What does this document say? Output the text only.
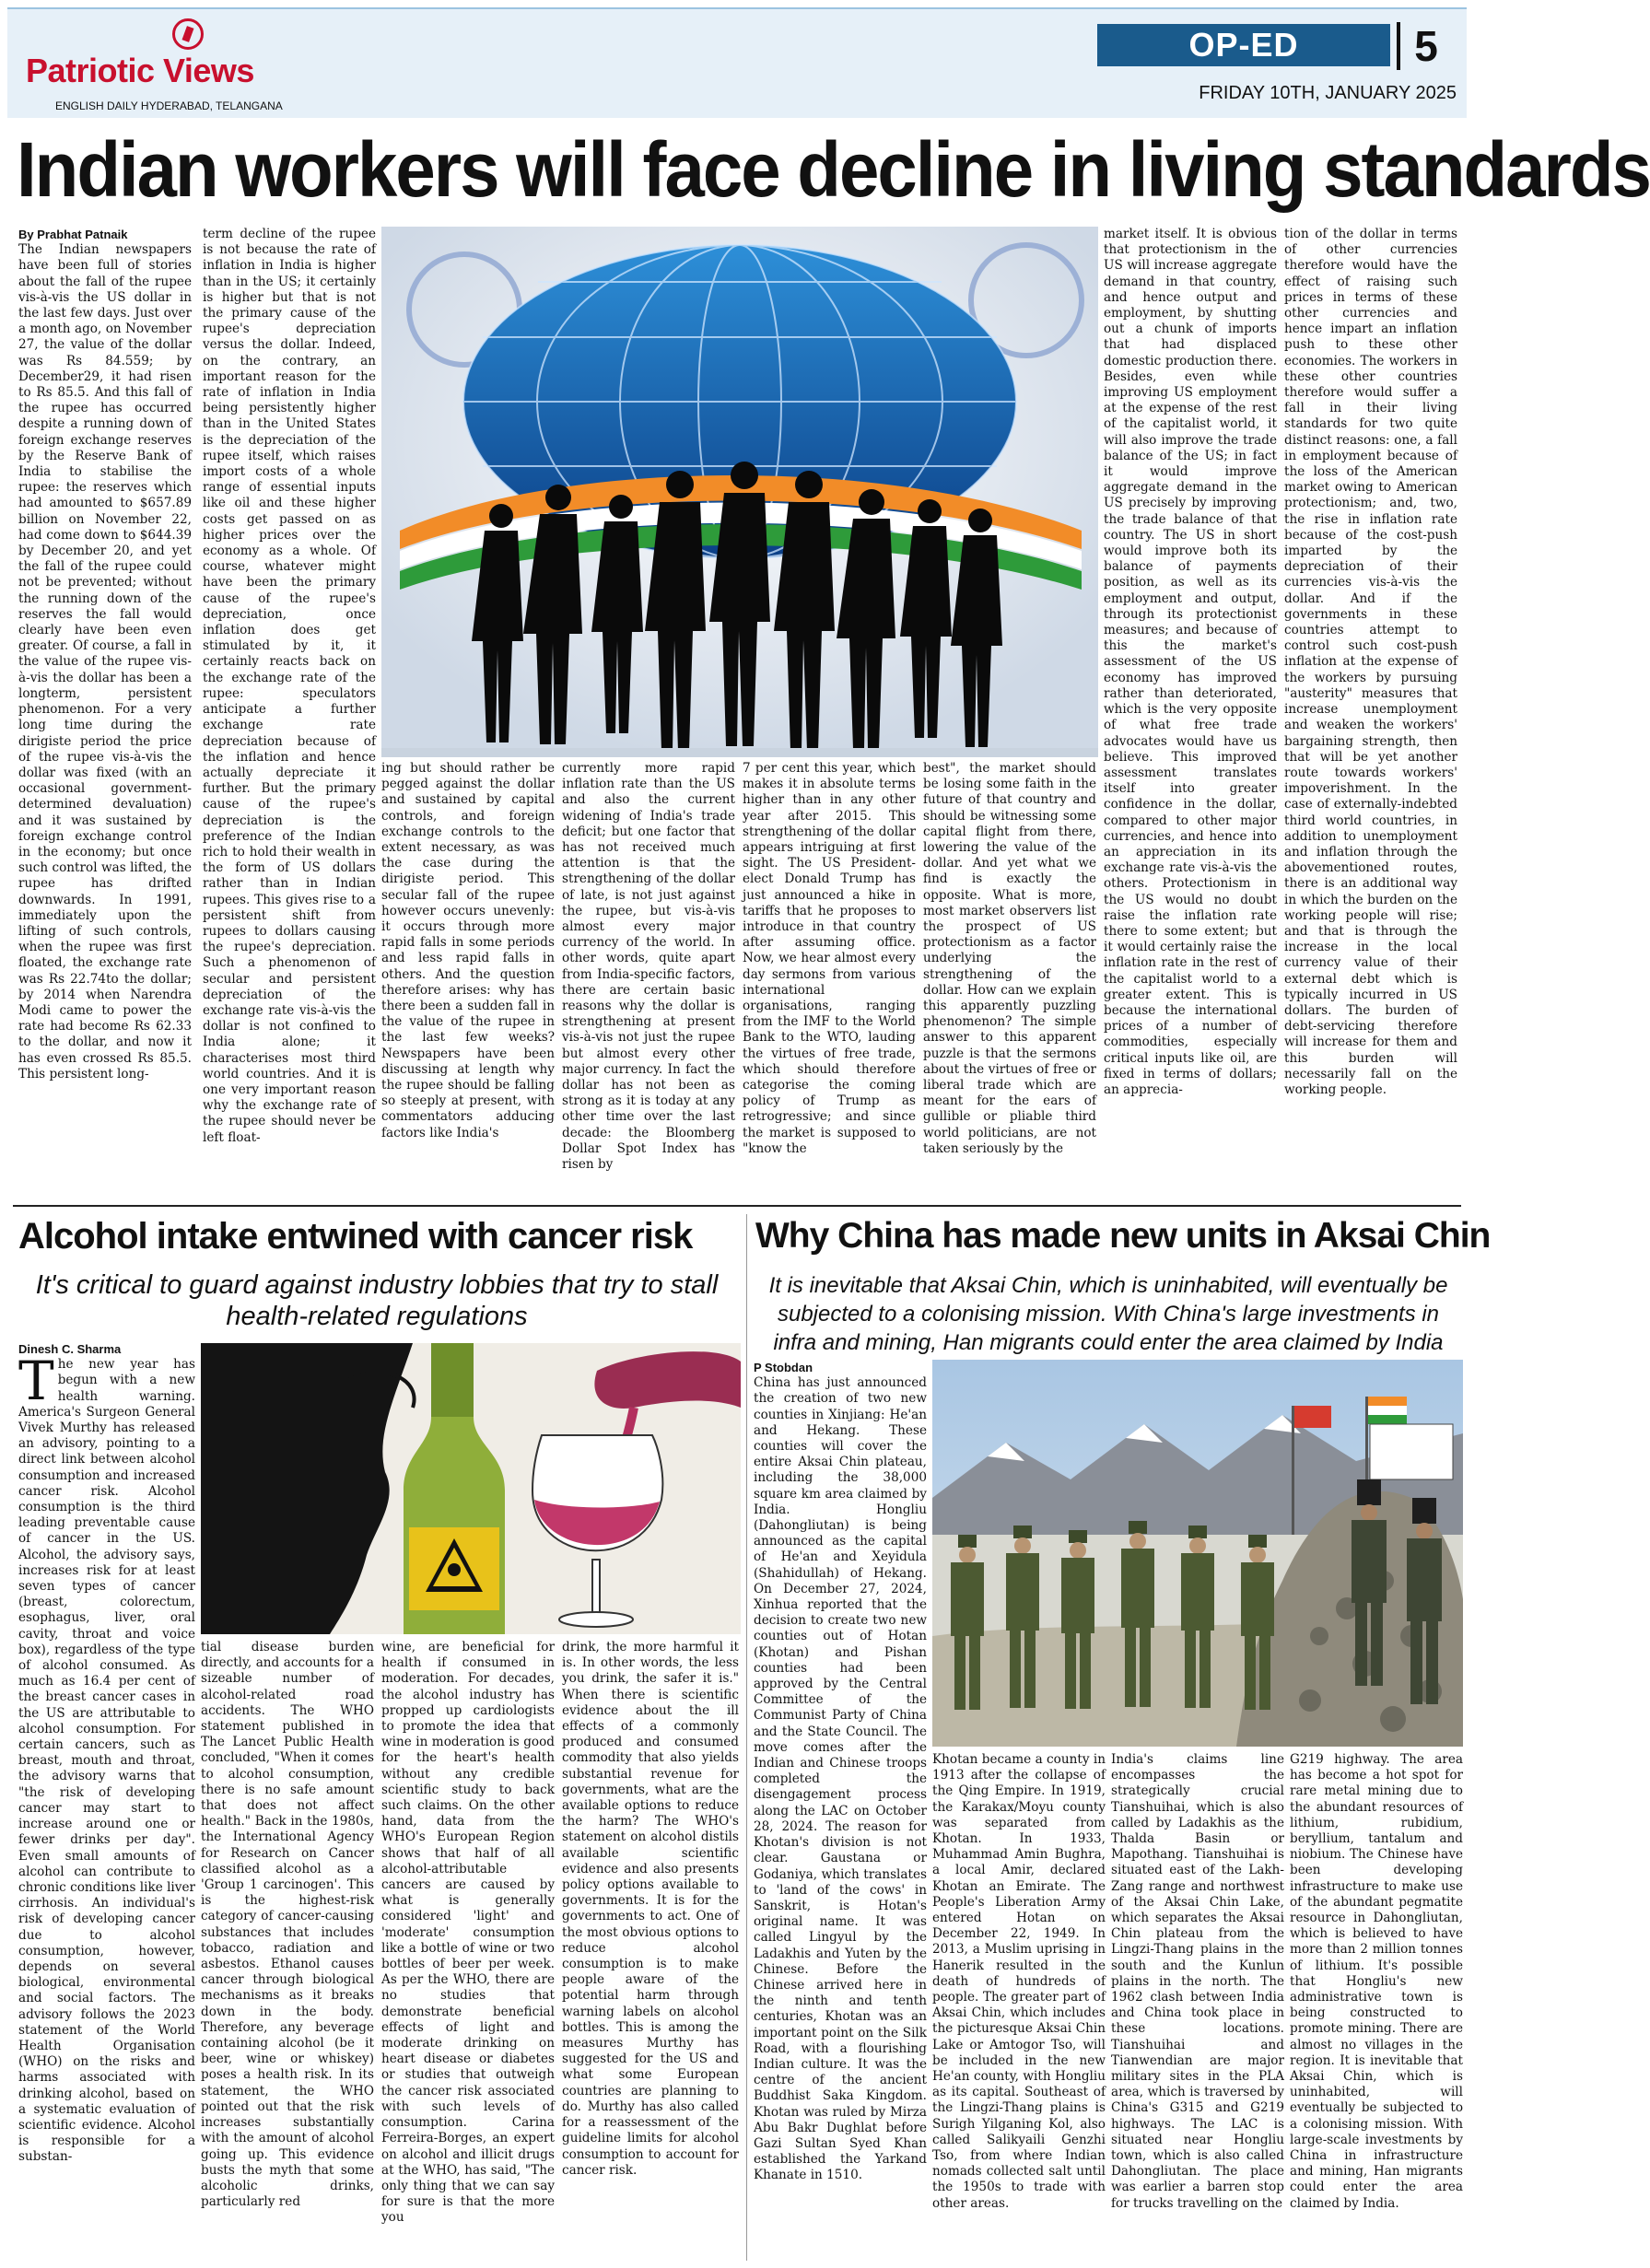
Patriotic Views
ENGLISH DAILY HYDERABAD, TELANGANA
OP-ED	5
FRIDAY 10TH, JANUARY 2025
Indian workers will face decline in living standards
By Prabhat Patnaik

The Indian newspapers have been full of stories about the fall of the rupee vis-à-vis the US dollar in the last few days. Just over a month ago, on November 27, the value of the dollar was Rs 84.559; by December29, it had risen to Rs 85.5. And this fall of the rupee has occurred despite a running down of foreign exchange reserves by the Reserve Bank of India to stabilise the rupee: the reserves which had amounted to $657.89 billion on November 22, had come down to $644.39 by December 20, and yet the fall of the rupee could not be prevented; without the running down of the reserves the fall would clearly have been even greater. Of course, a fall in the value of the rupee vis-à-vis the dollar has been a longterm, persistent phenomenon. For a very long time during the dirigiste period the price of the rupee vis-à-vis the dollar was fixed (with an occasional government-determined devaluation) and it was sustained by foreign exchange control in the economy; but once such control was lifted, the rupee has drifted downwards. In 1991, immediately upon the lifting of such controls, when the rupee was first floated, the exchange rate was Rs 22.74to the dollar; by 2014 when Narendra Modi came to power the rate had become Rs 62.33 to the dollar, and now it has even crossed Rs 85.5. This persistent long-

term decline of the rupee is not because the rate of inflation in India is higher than in the US; it certainly is higher but that is not the primary cause of the rupee's depreciation versus the dollar. Indeed, on the contrary, an important reason for the rate of inflation in India being persistently higher than in the United States is the depreciation of the rupee itself, which raises import costs of a whole range of essential inputs like oil and these higher costs get passed on as higher prices over the economy as a whole. Of course, whatever might have been the primary cause of the rupee's depreciation, once inflation does get stimulated by it, it certainly reacts back on the exchange rate of the rupee: speculators anticipate a further exchange rate depreciation because of the inflation and hence actually depreciate it further. But the primary cause of the rupee's depreciation is the preference of the Indian rich to hold their wealth in the form of US dollars rather than in Indian rupees. This gives rise to a persistent shift from rupees to dollars causing the rupee's depreciation. Such a phenomenon of secular and persistent depreciation of the exchange rate vis-à-vis the dollar is not confined to India alone; it characterises most third world countries. And it is one very important reason why the exchange rate of the rupee should never be left float-

ing but should rather be pegged against the dollar and sustained by capital controls, and foreign exchange controls to the extent necessary, as was the case during the dirigiste period. This secular fall of the rupee however occurs unevenly: it occurs through more rapid falls in some periods and less rapid falls in others. And the question therefore arises: why has there been a sudden fall in the value of the rupee in the last few weeks? Newspapers have been discussing at length why the rupee should be falling so steeply at present, with commentators adducing factors like India's

currently more rapid inflation rate than the US and also the current widening of India's trade deficit; but one factor that has not received much attention is that the strengthening of the dollar of late, is not just against the rupee, but vis-à-vis almost every major currency of the world. In other words, quite apart from India-specific factors, there are certain basic reasons why the dollar is strengthening at present vis-à-vis not just the rupee but almost every other major currency. In fact the dollar has not been as strong as it is today at any other time over the last decade: the Bloomberg Dollar Spot Index has risen by

7 per cent this year, which makes it in absolute terms higher than in any other year after 2015. This strengthening of the dollar appears intriguing at first sight. The US President-elect Donald Trump has just announced a hike in tariffs that he proposes to introduce in that country after assuming office. Now, we hear almost every day sermons from various international organisations, ranging from the IMF to the World Bank to the WTO, lauding the virtues of free trade, which should therefore categorise the coming policy of Trump as retrogressive; and since the market is supposed to "know the

best", the market should be losing some faith in the future of that country and should be witnessing some capital flight from there, lowering the value of the dollar. And yet what we find is exactly the opposite. What is more, most market observers list the prospect of US protectionism as a factor underlying the strengthening of the dollar. How can we explain this apparently puzzling phenomenon? The simple answer to this apparent puzzle is that the sermons about the virtues of free or liberal trade which are meant for the ears of gullible or pliable third world politicians, are not taken seriously by the

market itself. It is obvious that protectionism in the US will increase aggregate demand in that country, and hence output and employment, by shutting out a chunk of imports that had displaced domestic production there. Besides, even while improving US employment at the expense of the rest of the capitalist world, it will also improve the trade balance of the US; in fact it would improve aggregate demand in the US precisely by improving the trade balance of that country. The US in short would improve both its balance of payments position, as well as its employment and output, through its protectionist measures; and because of this the market's assessment of the US economy has improved rather than deteriorated, which is the very opposite of what free trade advocates would have us believe. This improved assessment translates itself into greater confidence in the dollar, compared to other major currencies, and hence into an appreciation in its exchange rate vis-à-vis the others. Protectionism in the US would no doubt raise the inflation rate there to some extent; but it would certainly raise the inflation rate in the rest of the capitalist world to a greater extent. This is because the international prices of a number of commodities, especially critical inputs like oil, are fixed in terms of dollars; an apprecia-

tion of the dollar in terms of other currencies therefore would have the effect of raising such prices in terms of these other currencies and hence impart an inflation push to these other economies. The workers in these other countries therefore would suffer a fall in their living standards for two quite distinct reasons: one, a fall in employment because of the loss of the American market owing to American protectionism; and, two, the rise in inflation rate because of the cost-push imparted by the depreciation of their currencies vis-à-vis the dollar. And if the governments in these countries attempt to control such cost-push inflation at the expense of the workers by pursuing "austerity" measures that increase unemployment and weaken the workers' bargaining strength, then that will be yet another route towards workers' impoverishment. In the case of externally-indebted third world countries, in addition to unemployment and inflation through the abovementioned routes, there is an additional way in which the burden on the working people will rise; and that is through the increase in the local currency value of their external debt which is typically incurred in US dollars. The burden of debt-servicing therefore will increase for them and this burden will necessarily fall on the working people.

Alcohol intake entwined with cancer risk
It's critical to guard against industry lobbies that try to stall health-related regulations
Dinesh C. Sharma
T he new year has begun with a new health warning. America's Surgeon General Vivek Murthy has released an advisory, pointing to a direct link between alcohol consumption and increased cancer risk. Alcohol consumption is the third leading preventable cause of cancer in the US. Alcohol, the advisory says, increases risk for at least seven types of cancer (breast, colorectum, esophagus, liver, oral cavity, throat and voice box), regardless of the type of alcohol consumed. As much as 16.4 per cent of the breast cancer cases in the US are attributable to alcohol consumption. For certain cancers, such as breast, mouth and throat, the advisory warns that "the risk of developing cancer may start to increase around one or fewer drinks per day". Even small amounts of alcohol can contribute to chronic conditions like liver cirrhosis. An individual's risk of developing cancer due to alcohol consumption, however, depends on several biological, environmental and social factors. The advisory follows the 2023 statement of the World Health Organisation (WHO) on the risks and harms associated with drinking alcohol, based on a systematic evaluation of scientific evidence. Alcohol is responsible for a substan-

tial disease burden directly, and accounts for a sizeable number of alcohol-related road accidents. The WHO statement published in The Lancet Public Health concluded, "When it comes to alcohol consumption, there is no safe amount that does not affect health." Back in the 1980s, the International Agency for Research on Cancer classified alcohol as a 'Group 1 carcinogen'. This is the highest-risk category of cancer-causing substances that includes tobacco, radiation and asbestos. Ethanol causes cancer through biological mechanisms as it breaks down in the body. Therefore, any beverage containing alcohol (be it beer, wine or whiskey) poses a health risk. In its statement, the WHO pointed out that the risk increases substantially with the amount of alcohol going up. This evidence busts the myth that some alcoholic drinks, particularly red

wine, are beneficial for health if consumed in moderation. For decades, the alcohol industry has propped up cardiologists to promote the idea that wine in moderation is good for the heart's health without any credible scientific study to back such claims. On the other hand, data from the WHO's European Region shows that half of all alcohol-attributable cancers are caused by what is generally considered 'light' and 'moderate' consumption like a bottle of wine or two bottles of beer per week. As per the WHO, there are no studies that demonstrate beneficial effects of light and moderate drinking on heart disease or diabetes or studies that outweigh the cancer risk associated with such levels of consumption. Carina Ferreira-Borges, an expert on alcohol and illicit drugs at the WHO, has said, "The only thing that we can say for sure is that the more you

drink, the more harmful it is. In other words, the less you drink, the safer it is." When there is scientific evidence about the ill effects of a commonly produced and consumed commodity that also yields substantial revenue for governments, what are the available options to reduce the harm? The WHO's statement on alcohol distils available scientific evidence and also presents policy options available to governments. It is for the governments to act. One of the most obvious options to reduce alcohol consumption is to make people aware of the potential harm through warning labels on alcohol bottles. This is among the measures Murthy has suggested for the US and what some European countries are planning to do. Murthy has also called for a reassessment of the guideline limits for alcohol consumption to account for cancer risk.

Why China has made new units in Aksai Chin
It is inevitable that Aksai Chin, which is uninhabited, will eventually be subjected to a colonising mission. With China's large investments in infra and mining, Han migrants could enter the area claimed by India
P Stobdan

China has just announced the creation of two new counties in Xinjiang: He'an and Hekang. These counties will cover the entire Aksai Chin plateau, including the 38,000 square km area claimed by India. Hongliu (Dahongliutan) is being announced as the capital of He'an and Xeyidula (Shahidullah) of Hekang. On December 27, 2024, Xinhua reported that the decision to create two new counties out of Hotan (Khotan) and Pishan counties had been approved by the Central Committee of the Communist Party of China and the State Council. The move comes after the Indian and Chinese troops completed the disengagement process along the LAC on October 28, 2024. The reason for Khotan's division is not clear. Gaustana or Godaniya, which translates to 'land of the cows' in Sanskrit, is Hotan's original name. It was called Lingyul by the Ladakhis and Yuten by the Chinese. Before the Chinese arrived here in the ninth and tenth centuries, Khotan was an important point on the Silk Road, with a flourishing Indian culture. It was the centre of the ancient Buddhist Saka Kingdom. Khotan was ruled by Mirza Abu Bakr Dughlat before Gazi Sultan Syed Khan established the Yarkand Khanate in 1510.

Khotan became a county in 1913 after the collapse of the Qing Empire. In 1919, the Karakax/Moyu county was separated from Khotan. In 1933, Muhammad Amin Bughra, a local Amir, declared Khotan an Emirate. The People's Liberation Army entered Hotan on December 22, 1949. In 2013, a Muslim uprising in Hanerik resulted in the death of hundreds of people. The greater part of Aksai Chin, which includes the picturesque Aksai Chin Lake or Amtogor Tso, will be included in the new He'an county, with Hongliu as its capital. Southeast of the Lingzi-Thang plains is Surigh Yilganing Kol, also called Salikyaili Genzhi Tso, from where Indian nomads collected salt until the 1950s to trade with other areas.

India's claims line encompasses the strategically crucial Tianshuihai, which is also called by Ladakhis as the Thalda Basin or Mapothang. Tianshuihai is situated east of the Lakh-Zang range and northwest of the Aksai Chin Lake, which separates the Aksai Chin plateau from the Lingzi-Thang plains in the south and the Kunlun plains in the north. The 1962 clash between India and China took place in these locations. Tianshuihai and Tianwendian are major military sites in the PLA area, which is traversed by China's G315 and G219 highways. The LAC is situated near Hongliu town, which is also called Dahongliutan. The place was earlier a barren stop for trucks travelling on the

G219 highway. The area has become a hot spot for rare metal mining due to the abundant resources of lithium, rubidium, beryllium, tantalum and niobium. The Chinese have been developing infrastructure to make use of the abundant pegmatite resource in Dahongliutan, which is believed to have more than 2 million tonnes of lithium. It's possible that Hongliu's new administrative town is being constructed to promote mining. There are almost no villages in the region. It is inevitable that Aksai Chin, which is uninhabited, will eventually be subjected to a colonising mission. With large-scale investments by China in infrastructure and mining, Han migrants could enter the area claimed by India.
